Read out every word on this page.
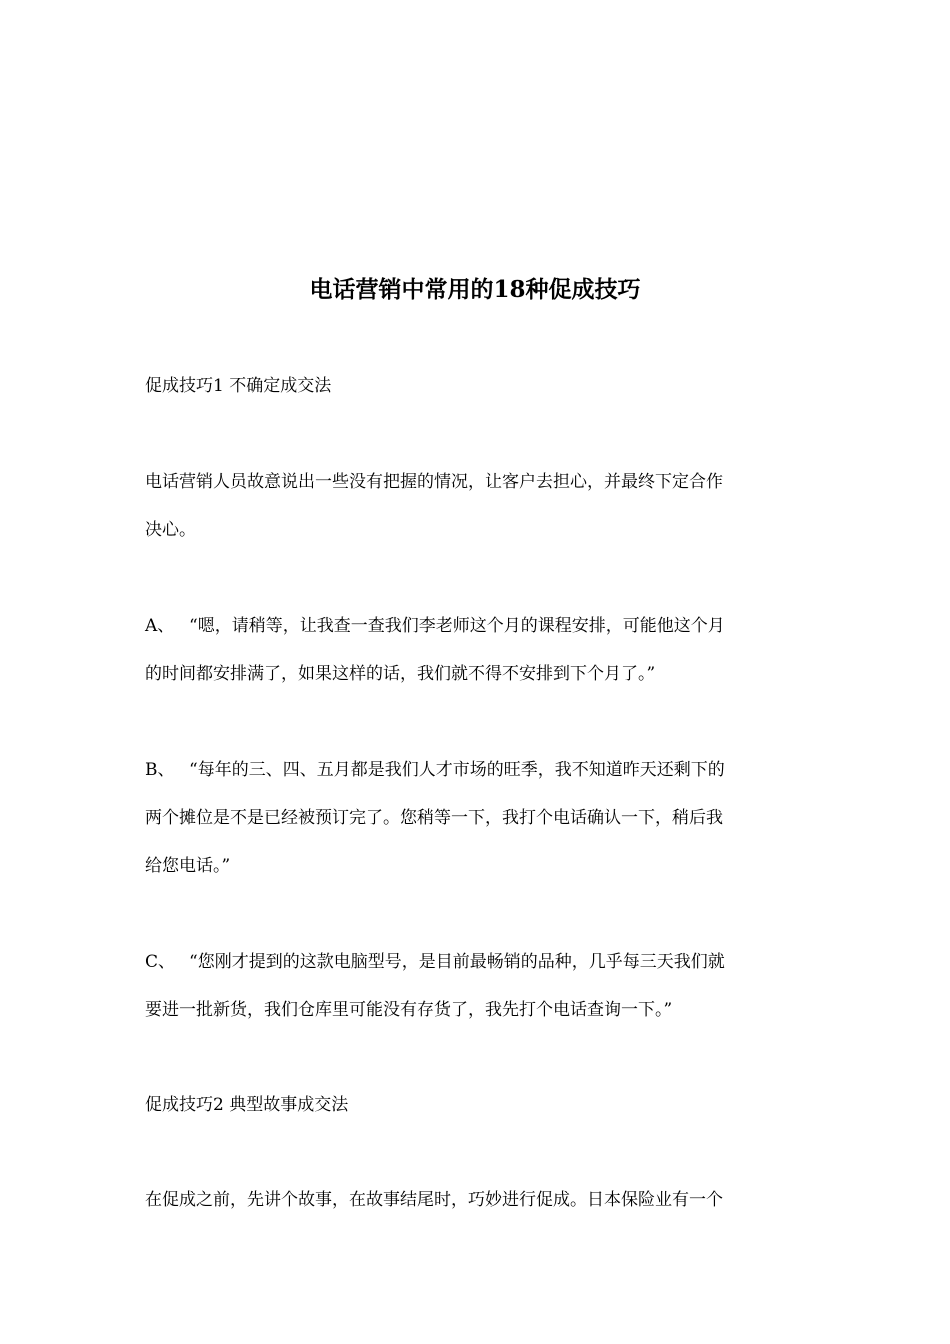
电话营销中常用的18种促成技巧

促成技巧1 不确定成交法

电话营销人员故意说出一些没有把握的情况，让客户去担心，并最终下定合作
决心。

A、 “嗯，请稍等，让我查一查我们李老师这个月的课程安排，可能他这个月
的时间都安排满了，如果这样的话，我们就不得不安排到下个月了。”

B、 “每年的三、四、五月都是我们人才市场的旺季，我不知道昨天还剩下的
两个摊位是不是已经被预订完了。您稍等一下，我打个电话确认一下，稍后我
给您电话。”

C、 “您刚才提到的这款电脑型号，是目前最畅销的品种，几乎每三天我们就
要进一批新货，我们仓库里可能没有存货了，我先打个电话查询一下。”

促成技巧2 典型故事成交法

在促成之前，先讲个故事，在故事结尾时，巧妙进行促成。日本保险业有一个
